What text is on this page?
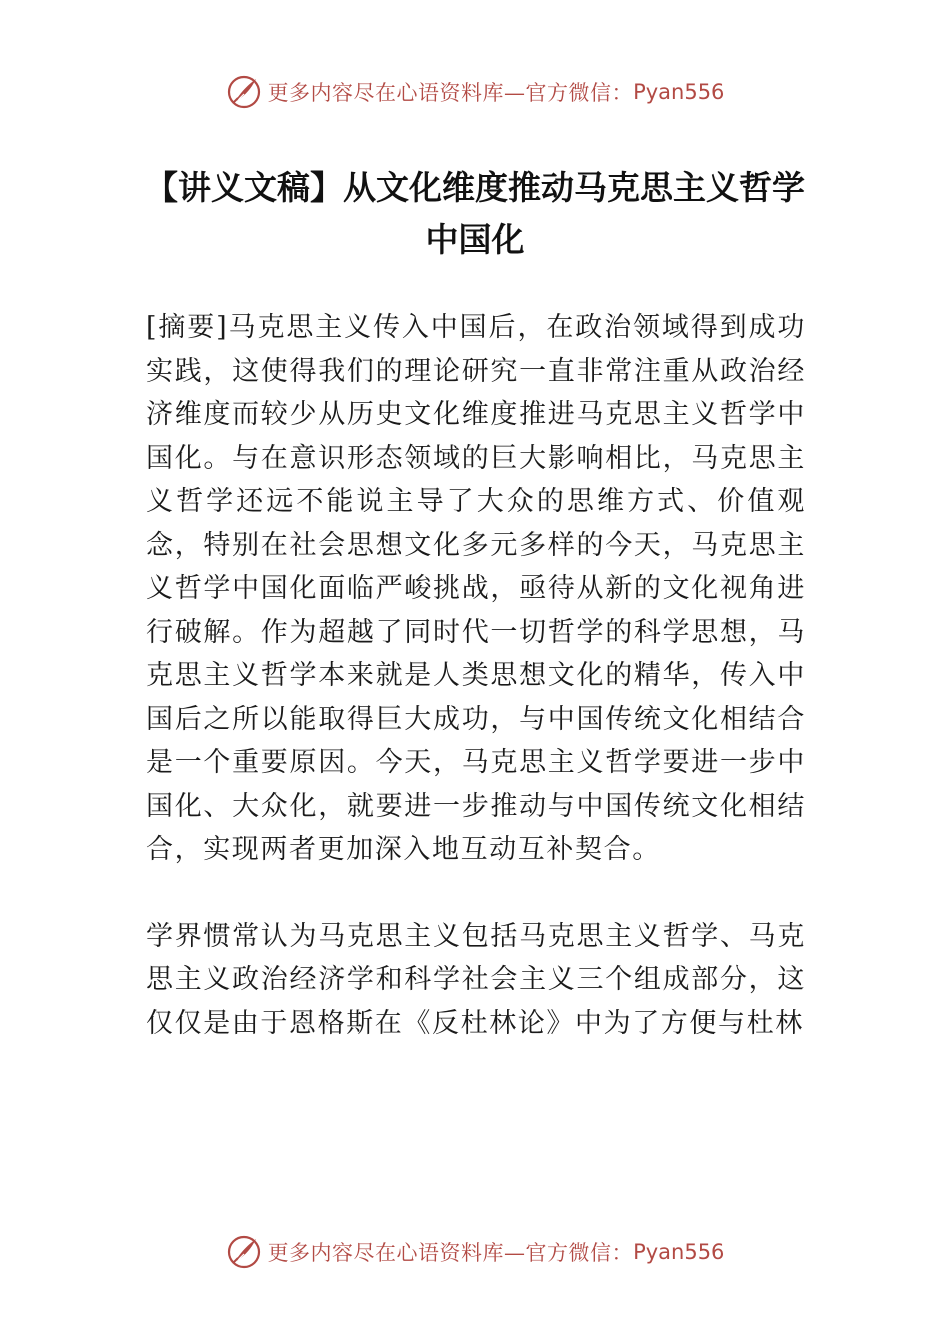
更多内容尽在心语资料库—官方微信： Pyan556
【讲义文稿】从文化维度推动马克思主义哲学中国化

[摘要]马克思主义传入中国后，在政治领域得到成功实践，这使得我们的理论研究一直非常注重从政治经济维度而较少从历史文化维度推进马克思主义哲学中国化。与在意识形态领域的巨大影响相比，马克思主义哲学还远不能说主导了大众的思维方式、价值观念，特别在社会思想文化多元多样的今天，马克思主义哲学中国化面临严峻挑战，亟待从新的文化视角进行破解。作为超越了同时代一切哲学的科学思想，马克思主义哲学本来就是人类思想文化的精华，传入中国后之所以能取得巨大成功，与中国传统文化相结合是一个重要原因。今天，马克思主义哲学要进一步中国化、大众化，就要进一步推动与中国传统文化相结合，实现两者更加深入地互动互补契合。

学界惯常认为马克思主义包括马克思主义哲学、马克思主义政治经济学和科学社会主义三个组成部分，这仅仅是由于恩格斯在《反杜林论》中为了方便与杜林

更多内容尽在心语资料库—官方微信： Pyan556
